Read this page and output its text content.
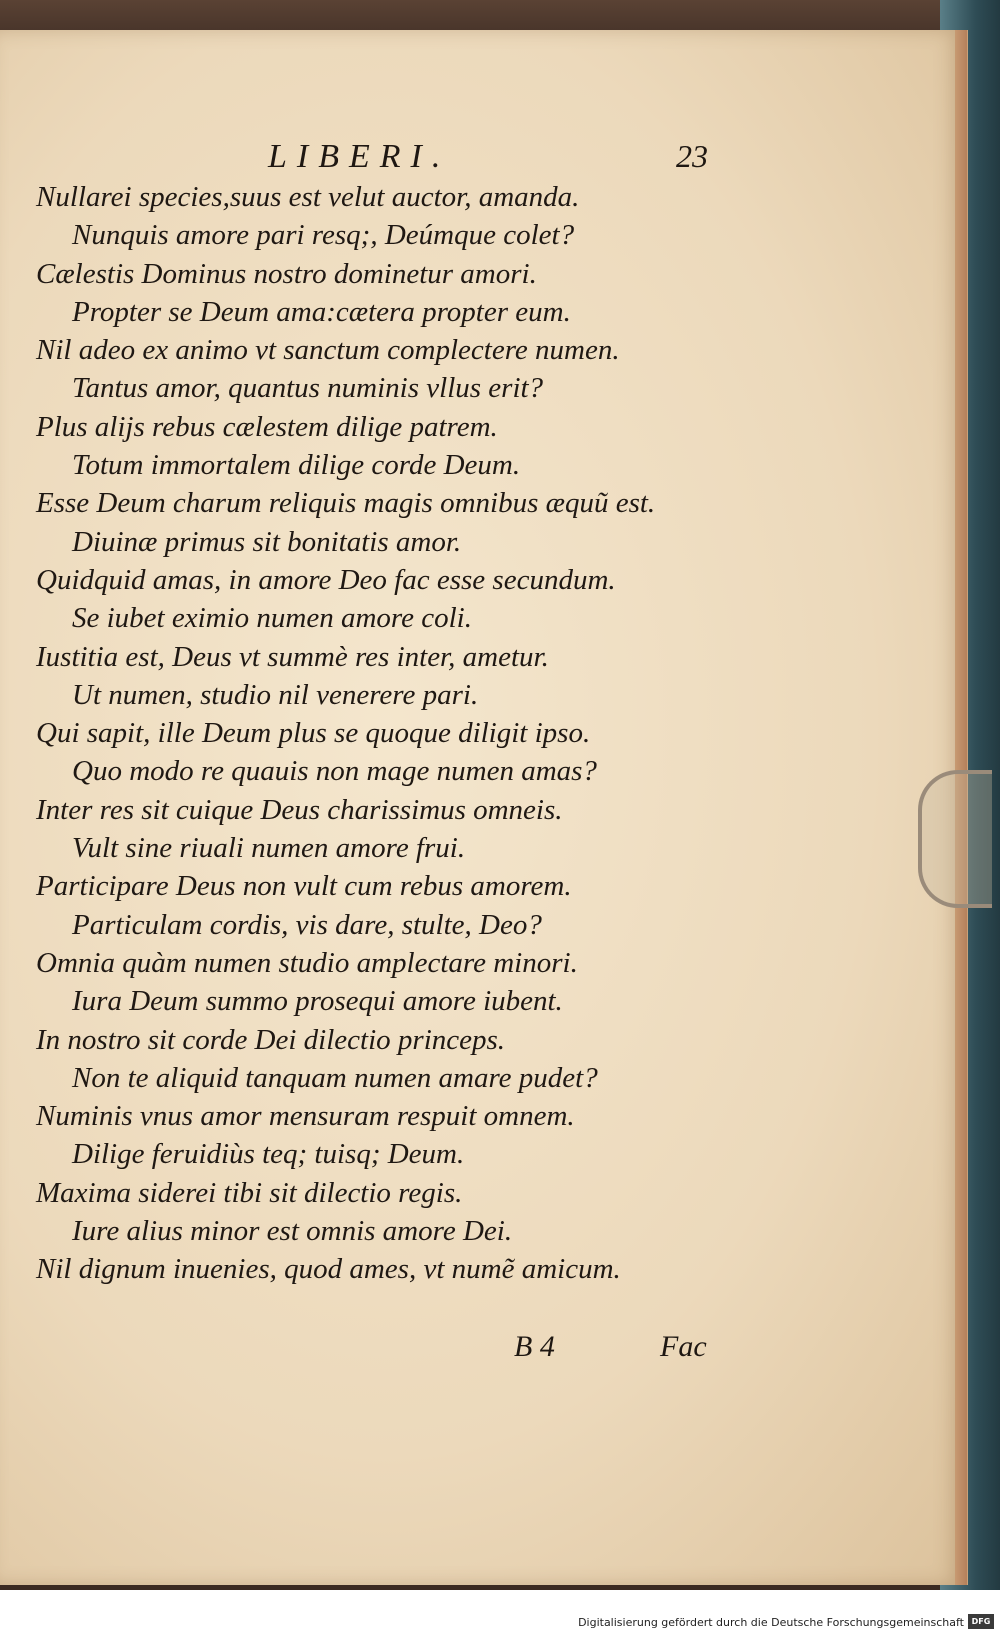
LIBERI.	23
Nullarei species,suus est velut auctor, amanda.
Nunquis amore pari resq;, Deúmque colet?
Cælestis Dominus nostro dominetur amori.
Propter se Deum ama:cætera propter eum.
Nil adeo ex animo vt sanctum complectere numen.
Tantus amor, quantus numinis vllus erit?
Plus alijs rebus cælestem dilige patrem.
Totum immortalem dilige corde Deum.
Esse Deum charum reliquis magis omnibus æquũ est.
Diuinæ primus sit bonitatis amor.
Quidquid amas, in amore Deo fac esse secundum.
Se iubet eximio numen amore coli.
Iustitia est, Deus vt summè res inter, ametur.
Ut numen, studio nil venerere pari.
Qui sapit, ille Deum plus se quoque diligit ipso.
Quo modo re quauis non mage numen amas?
Inter res sit cuique Deus charissimus omneis.
Vult sine riuali numen amore frui.
Participare Deus non vult cum rebus amorem.
Particulam cordis, vis dare, stulte, Deo?
Omnia quàm numen studio amplectare minori.
Iura Deum summo prosequi amore iubent.
In nostro sit corde Dei dilectio princeps.
Non te aliquid tanquam numen amare pudet?
Numinis vnus amor mensuram respuit omnem.
Dilige feruidiùs teq; tuisq; Deum.
Maxima siderei tibi sit dilectio regis.
Iure alius minor est omnis amore Dei.
Nil dignum inuenies, quod ames, vt numẽ amicum.
B 4	Fac
Digitalisierung gefördert durch die Deutsche Forschungsgemeinschaft DFG
